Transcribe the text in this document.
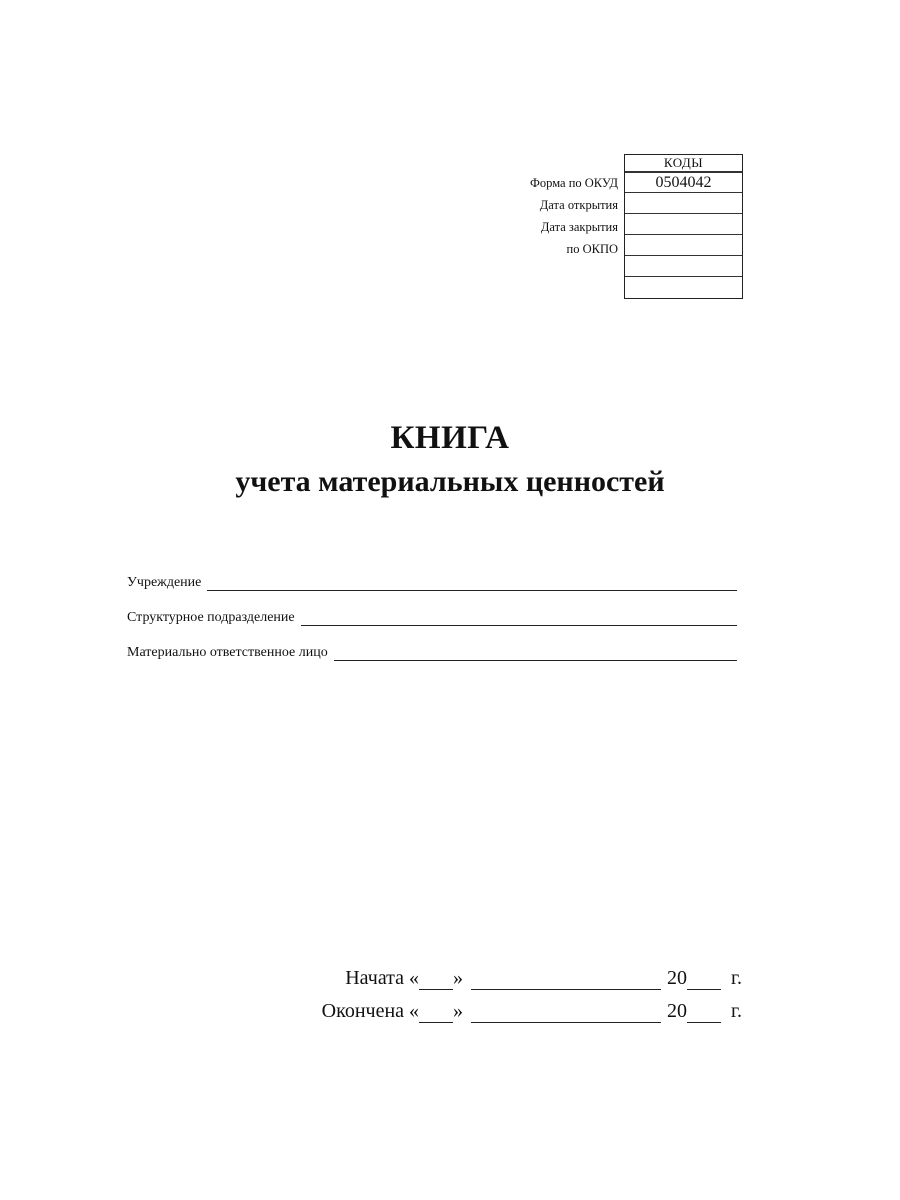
КОДЫ
0504042
Форма по ОКУД
Дата открытия
Дата закрытия
по ОКПО
КНИГА
учета материальных ценностей
Учреждение
Структурное подразделение
Материально ответственное лицо
Начата « »	20 г.
Окончена « »	20 г.
